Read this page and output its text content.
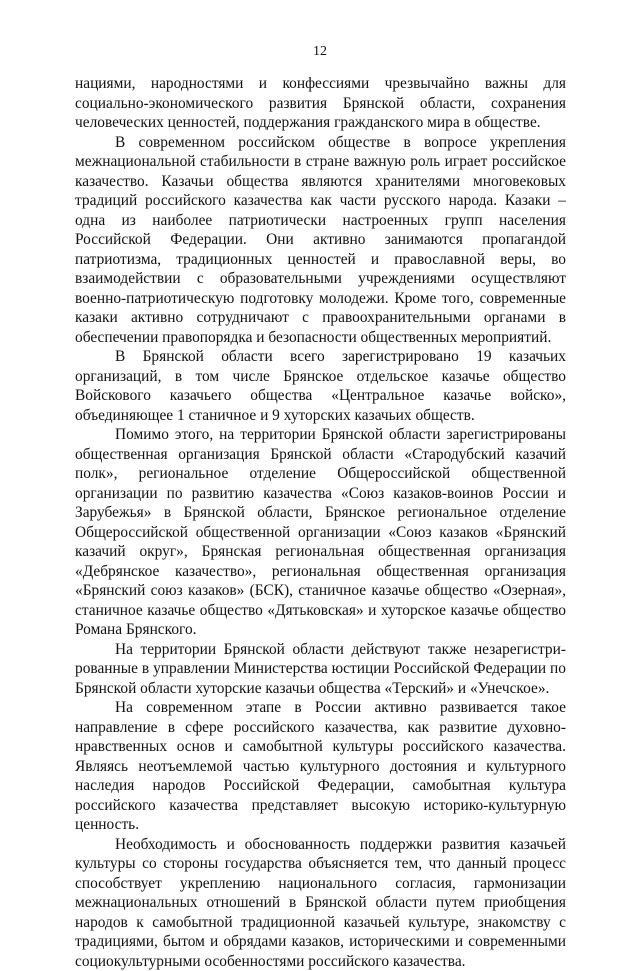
12

нациями, народностями и конфессиями чрезвычайно важны для социально-экономического развития Брянской области, сохранения человеческих ценностей, поддержания гражданского мира в обществе.

В современном российском обществе в вопросе укрепления межнациональной стабильности в стране важную роль играет российское казачество. Казачьи общества являются хранителями многовековых традиций российского казачества как части русского народа. Казаки – одна из наиболее патриотически настроенных групп населения Российской Федерации. Они активно занимаются пропагандой патриотизма, традиционных ценностей и православной веры, во взаимодействии с образовательными учреждениями осуществляют военно-патриотическую подготовку молодежи. Кроме того, современные казаки активно сотрудничают с правоохранительными органами в обеспечении правопорядка и безопасности общественных мероприятий.

В Брянской области всего зарегистрировано 19 казачьих организаций, в том числе Брянское отдельское казачье общество Войскового казачьего общества «Центральное казачье войско», объединяющее 1 станичное и 9 хуторских казачьих обществ.

Помимо этого, на территории Брянской области зарегистрированы общественная организация Брянской области «Стародубский казачий полк», региональное отделение Общероссийской общественной организации по развитию казачества «Союз казаков-воинов России и Зарубежья» в Брянской области, Брянское региональное отделение Общероссийской общественной организации «Союз казаков «Брянский казачий округ», Брянская региональная общественная организация «Дебрянское казачество», региональная общественная организация «Брянский союз казаков» (БСК), станичное казачье общество «Озерная», станичное казачье общество «Дятьковская» и хуторское казачье общество Романа Брянского.

На территории Брянской области действуют также незарегистрированные в управлении Министерства юстиции Российской Федерации по Брянской области хуторские казачьи общества «Терский» и «Унечское».

На современном этапе в России активно развивается такое направление в сфере российского казачества, как развитие духовно-нравственных основ и самобытной культуры российского казачества. Являясь неотъемлемой частью культурного достояния и культурного наследия народов Российской Федерации, самобытная культура российского казачества представляет высокую историко-культурную ценность.

Необходимость и обоснованность поддержки развития казачьей культуры со стороны государства объясняется тем, что данный процесс способствует укреплению национального согласия, гармонизации межнациональных отношений в Брянской области путем приобщения народов к самобытной традиционной казачьей культуре, знакомству с традициями, бытом и обрядами казаков, историческими и современными социокультурными особенностями российского казачества.
